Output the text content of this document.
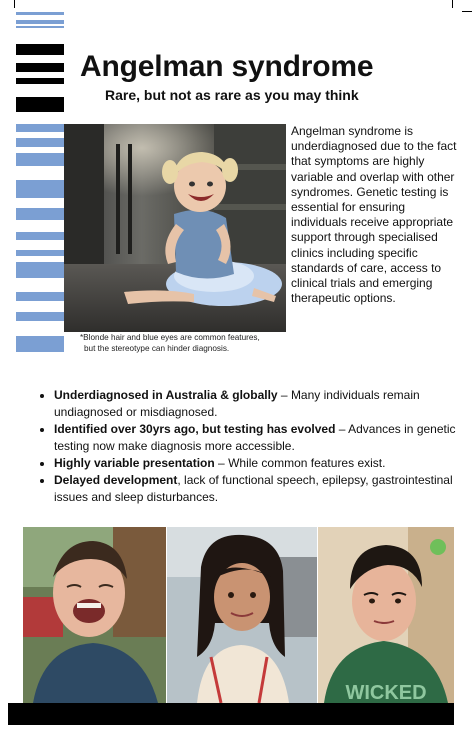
Angelman syndrome
Rare, but not as rare as you may think
Angelman syndrome is underdiagnosed due to the fact that symptoms are highly variable and overlap with other syndromes. Genetic testing is essential for ensuring individuals receive appropriate support through specialised clinics including specific standards of care, access to clinical trials and emerging therapeutic options.
*Blonde hair and blue eyes are common features,
but the stereotype can hinder diagnosis.
• Underdiagnosed in Australia & globally – Many individuals remain undiagnosed or misdiagnosed.
• Identified over 30yrs ago, but testing has evolved – Advances in genetic testing now make diagnosis more accessible.
• Highly variable presentation – While common features exist.
• Delayed development, lack of functional speech, epilepsy, gastrointestinal issues and sleep disturbances.
WICKED
